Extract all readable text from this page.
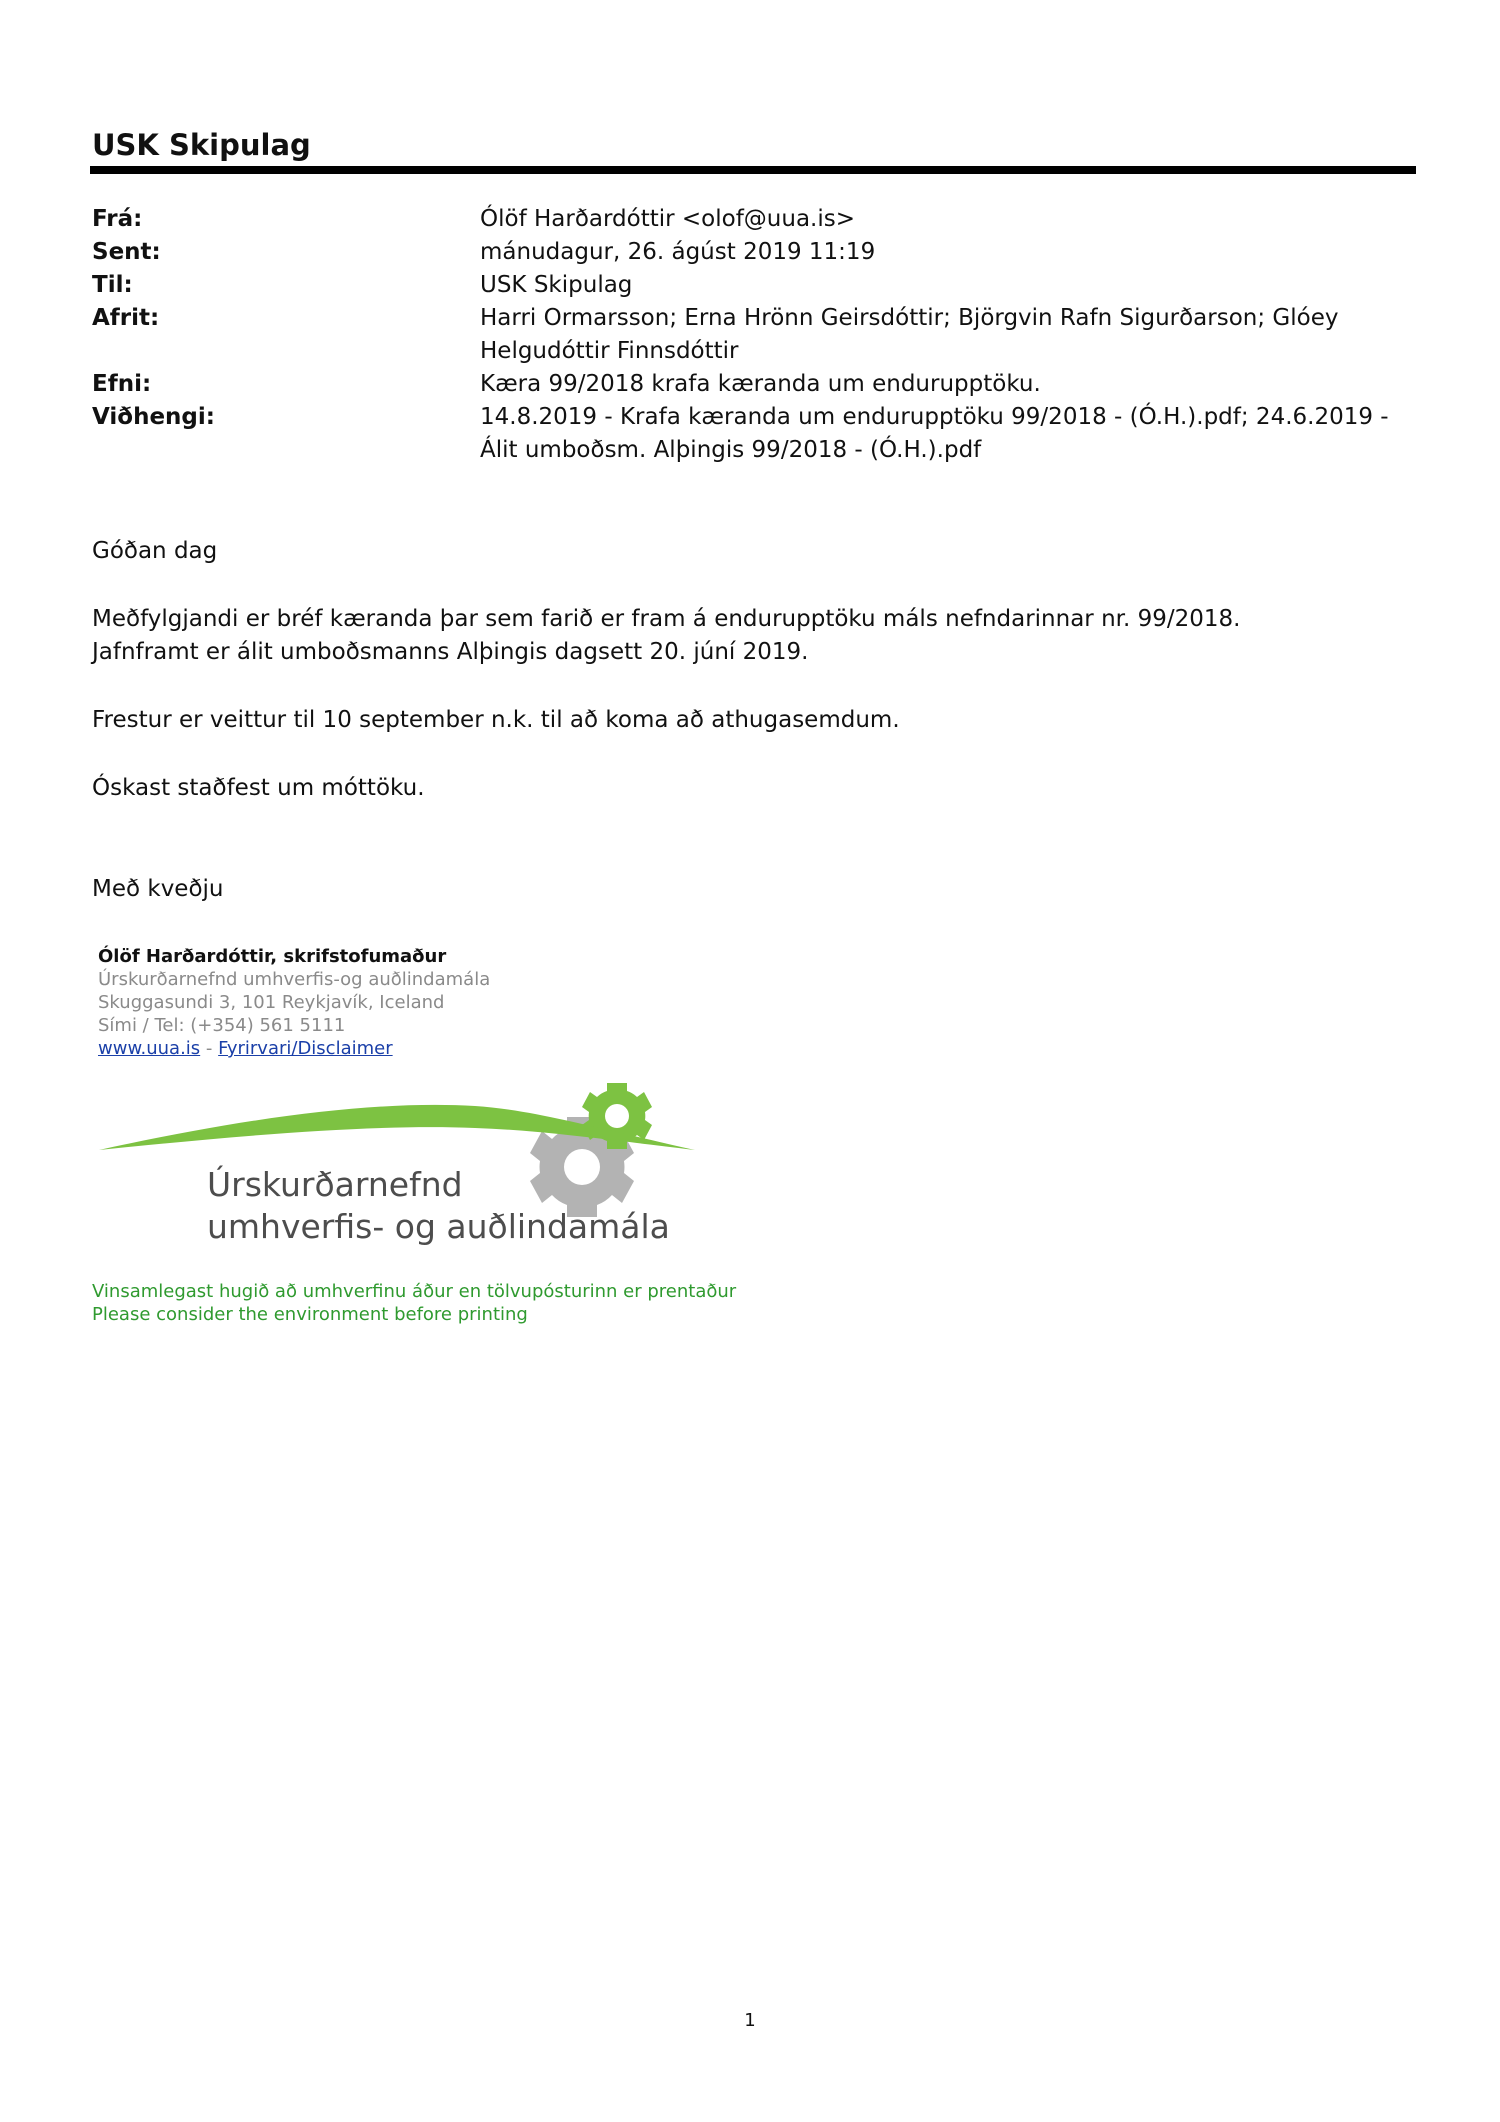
USK Skipulag
Frá:	Ólöf Harðardóttir <olof@uua.is>
Sent:	mánudagur, 26. ágúst 2019 11:19
Til:	USK Skipulag
Afrit:	Harri Ormarsson; Erna Hrönn Geirsdóttir; Björgvin Rafn Sigurðarson; Glóey Helgudóttir Finnsdóttir
Efni:	Kæra 99/2018 krafa kæranda um endurupptöku.
Viðhengi:	14.8.2019 - Krafa kæranda um endurupptöku 99/2018 - (Ó.H.).pdf; 24.6.2019 - Álit umboðsm. Alþingis 99/2018 - (Ó.H.).pdf

Góðan dag

Meðfylgjandi er bréf kæranda þar sem farið er fram á endurupptöku máls nefndarinnar nr. 99/2018.

Jafnframt er álit umboðsmanns Alþingis dagsett 20. júní 2019.

Frestur er veittur til 10 september n.k. til að koma að athugasemdum.

Óskast staðfest um móttöku.

Með kveðju

Ólöf Harðardóttir, skrifstofumaður
Úrskurðarnefnd umhverfis-og auðlindamála
Skuggasundi 3, 101 Reykjavík, Iceland
Sími / Tel: (+354) 561 5111
www.uua.is - Fyrirvari/Disclaimer
Úrskurðarnefnd
umhverfis- og auðlindamála
Vinsamlegast hugið að umhverfinu áður en tölvupósturinn er prentaður
Please consider the environment before printing
1
